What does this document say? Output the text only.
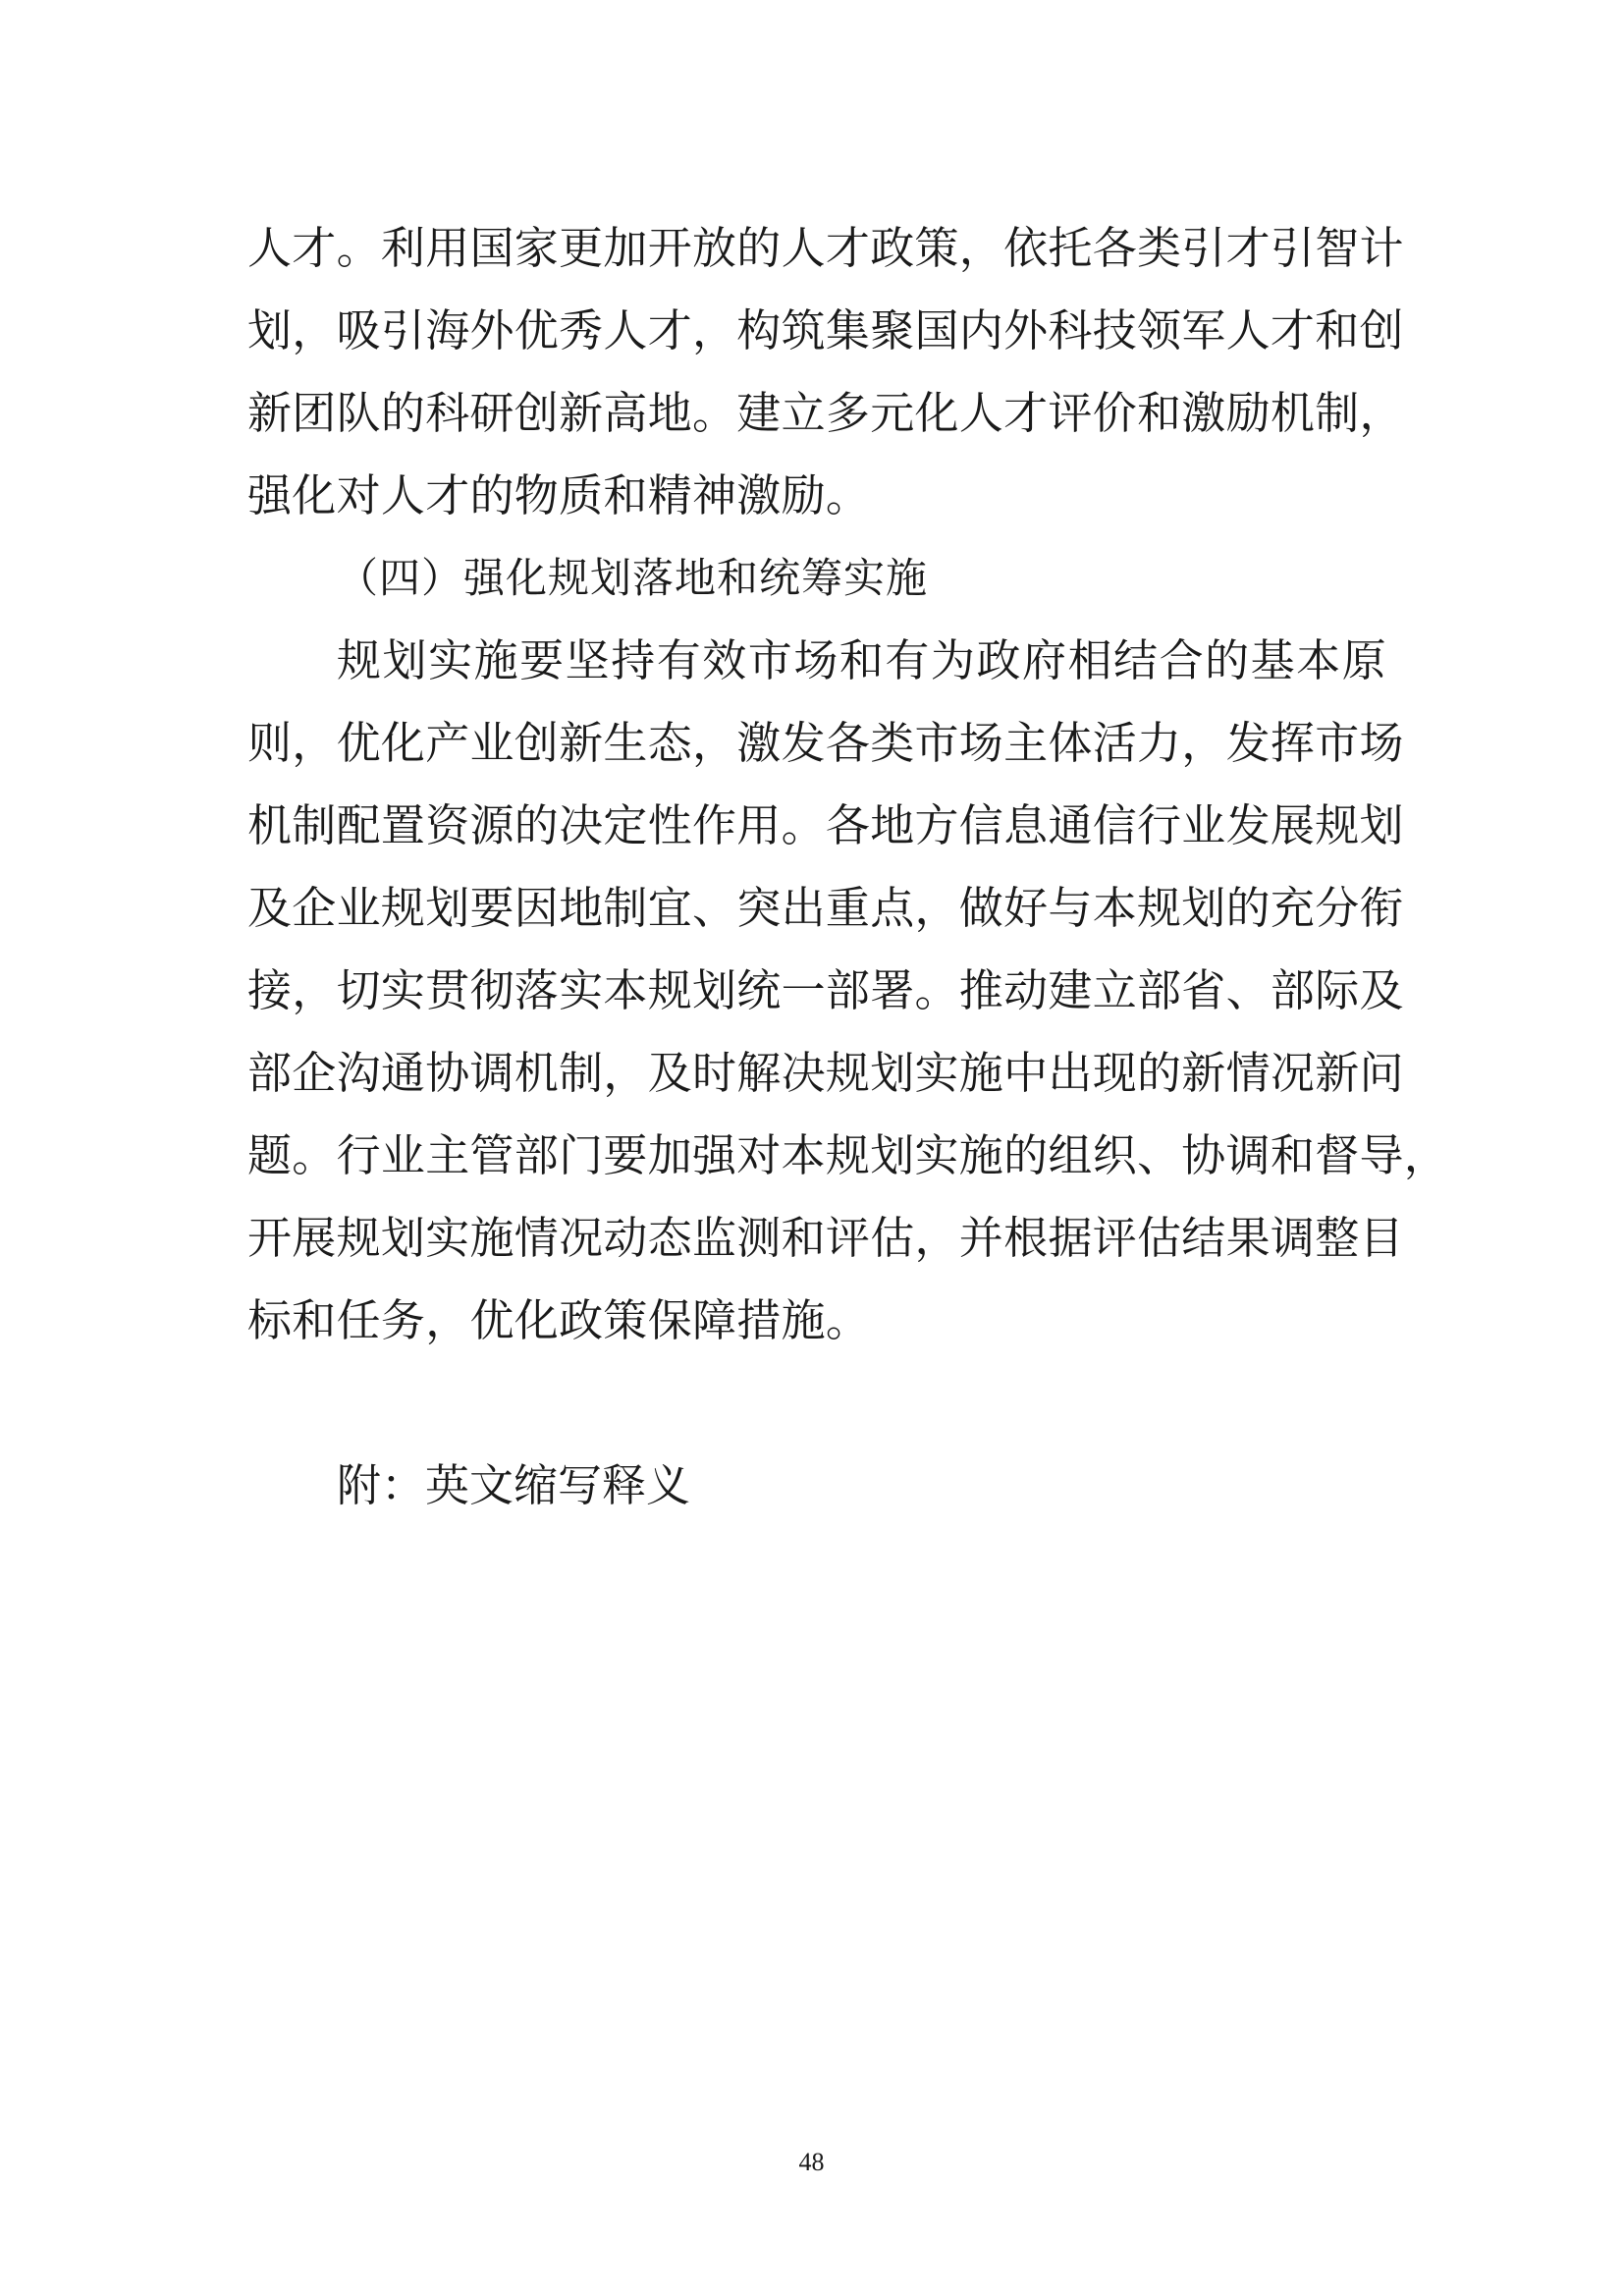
人才。利用国家更加开放的人才政策，依托各类引才引智计
划，吸引海外优秀人才，构筑集聚国内外科技领军人才和创
新团队的科研创新高地。建立多元化人才评价和激励机制，
强化对人才的物质和精神激励。
（四）强化规划落地和统筹实施
规划实施要坚持有效市场和有为政府相结合的基本原
则，优化产业创新生态，激发各类市场主体活力，发挥市场
机制配置资源的决定性作用。各地方信息通信行业发展规划
及企业规划要因地制宜、突出重点，做好与本规划的充分衔
接，切实贯彻落实本规划统一部署。推动建立部省、部际及
部企沟通协调机制，及时解决规划实施中出现的新情况新问
题。行业主管部门要加强对本规划实施的组织、协调和督导，
开展规划实施情况动态监测和评估，并根据评估结果调整目
标和任务，优化政策保障措施。
附：英文缩写释义
48
